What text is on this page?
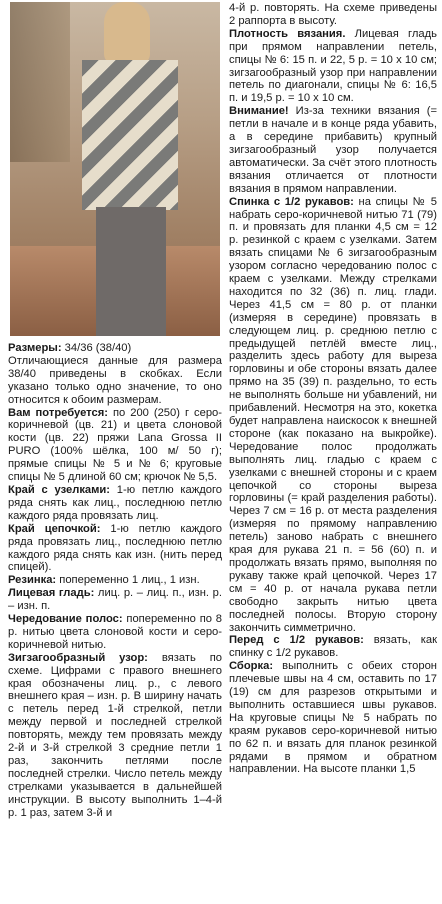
Размеры: 34/36 (38/40)

Отличающиеся данные для размера 38/40 приведены в скобках. Если указано только одно значение, то оно относится к обоим размерам.

Вам потребуется: по 200 (250) г серо-коричневой (цв. 21) и цвета слоновой кости (цв. 22) пряжи Lana Grossa II PURO (100% шёлка, 100 м/ 50 г); прямые спицы № 5 и № 6; круговые спицы № 5 длиной 60 см; крючок № 5,5.

Край с узелками: 1-ю петлю каждого ряда снять как лиц., последнюю петлю каждого ряда провязать лиц.

Край цепочкой: 1-ю петлю каждого ряда провязать лиц., последнюю петлю каждого ряда снять как изн. (нить перед спицей).

Резинка: попеременно 1 лиц., 1 изн.

Лицевая гладь: лиц. р. – лиц. п., изн. р. – изн. п.

Чередование полос: попеременно по 8 р. нитью цвета слоновой кости и серо-коричневой нитью.

Зигзагообразный узор: вязать по схеме. Цифрами с правого внешнего края обозначены лиц. р., с левого внешнего края – изн. р. В ширину начать с петель перед 1-й стрелкой, петли между первой и последней стрелкой повторять, между тем провязать между 2-й и 3-й стрелкой 3 средние петли 1 раз, закончить петлями после последней стрелки. Число петель между стрелками указывается в дальнейшей инструкции. В высоту выполнить 1–4-й р. 1 раз, затем 3-й и

4-й р. повторять. На схеме приведены 2 раппорта в высоту.

Плотность вязания. Лицевая гладь при прямом направлении петель, спицы № 6: 15 п. и 22, 5 р. = 10 х 10 см; зигзагообразный узор при направлении петель по диагонали, спицы № 6: 16,5 п. и 19,5 р. = 10 х 10 см.

Внимание! Из-за техники вязания (= петли в начале и в конце ряда убавить, а в середине прибавить) крупный зигзагообразный узор получается автоматически. За счёт этого плотность вязания отличается от плотности вязания в прямом направлении.

Спинка с 1/2 рукавов: на спицы № 5 набрать серо-коричневой нитью 71 (79) п. и провязать для планки 4,5 см = 12 р. резинкой с краем с узелками. Затем вязать спицами № 6 зигзагообразным узором согласно чередованию полос с краем с узелками. Между стрелками находится по 32 (36) п. лиц. глади. Через 41,5 см = 80 р. от планки (измеряя в середине) провязать в следующем лиц. р. среднюю петлю с предыдущей петлёй вместе лиц., разделить здесь работу для выреза горловины и обе стороны вязать далее прямо на 35 (39) п. раздельно, то есть не выполнять больше ни убавлений, ни прибавлений. Несмотря на это, кокетка будет направлена наискосок к внешней стороне (как показано на выкройке). Чередование полос продолжать выполнять лиц. гладью с краем с узелками с внешней стороны и с краем цепочкой со стороны выреза горловины (= край разделения работы). Через 7 см = 16 р. от места разделения (измеряя по прямому направлению петель) заново набрать с внешнего края для рукава 21 п. = 56 (60) п. и продолжать вязать прямо, выполняя по рукаву также край цепочкой. Через 17 см = 40 р. от начала рукава петли свободно закрыть нитью цвета последней полосы. Вторую сторону закончить симметрично.

Перед с 1/2 рукавов: вязать, как спинку с 1/2 рукавов.

Сборка: выполнить с обеих сторон плечевые швы на 4 см, оставить по 17 (19) см для разрезов открытыми и выполнить оставшиеся швы рукавов. На круговые спицы № 5 набрать по краям рукавов серо-коричневой нитью по 62 п. и вязать для планок резинкой рядами в прямом и обратном направлении. На высоте планки 1,5
